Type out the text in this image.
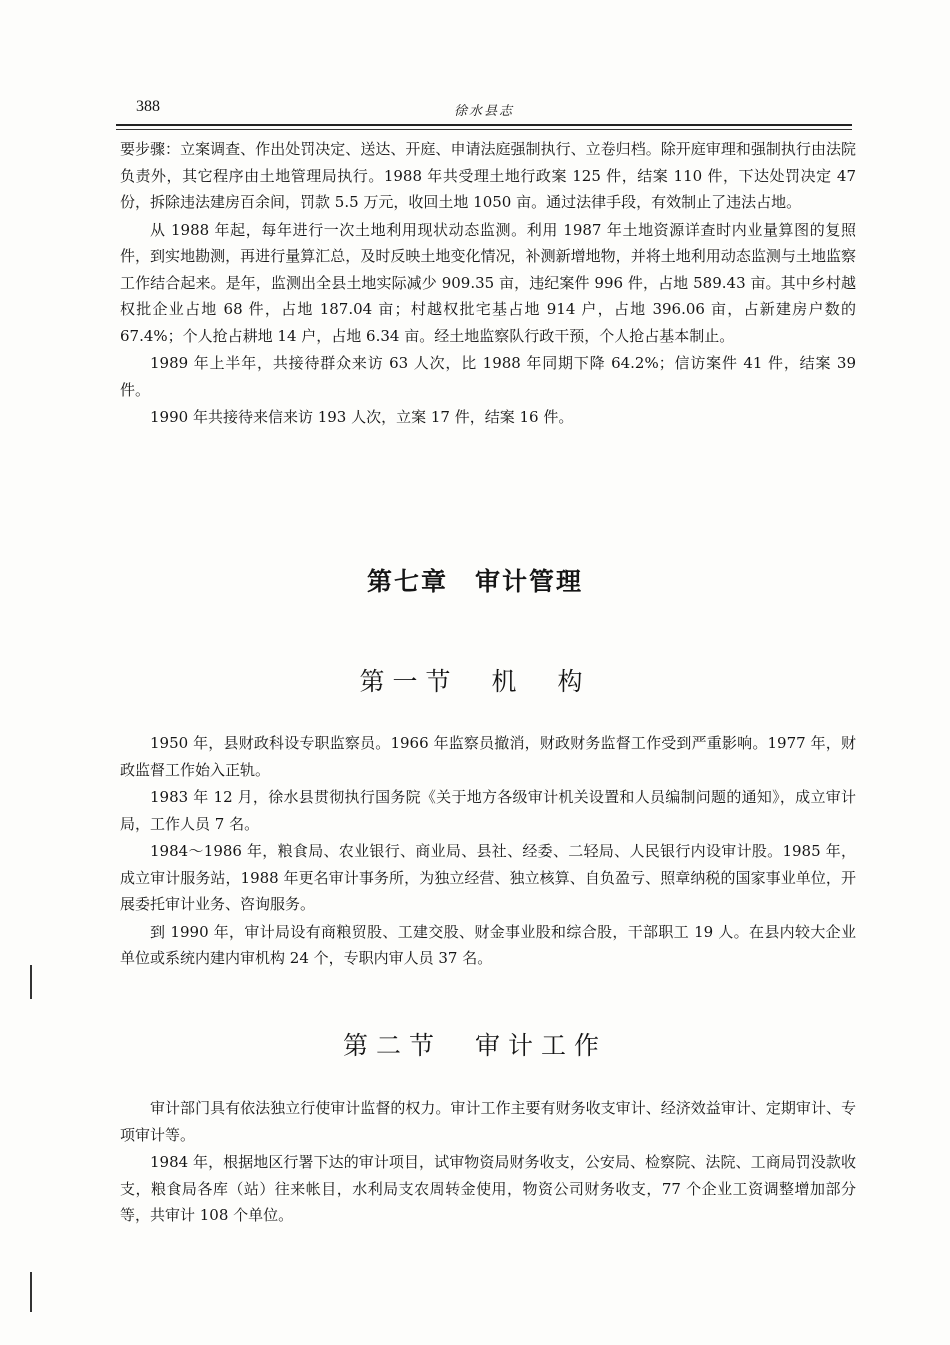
388	徐水县志

要步骤：立案调查、作出处罚决定、送达、开庭、申请法庭强制执行、立卷归档。除开庭审理和强制执行由法院负责外，其它程序由土地管理局执行。1988 年共受理土地行政案 125 件，结案 110 件，下达处罚决定 47 份，拆除违法建房百余间，罚款 5.5 万元，收回土地 1050 亩。通过法律手段，有效制止了违法占地。

从 1988 年起，每年进行一次土地利用现状动态监测。利用 1987 年土地资源详查时内业量算图的复照件，到实地勘测，再进行量算汇总，及时反映土地变化情况，补测新增地物，并将土地利用动态监测与土地监察工作结合起来。是年，监测出全县土地实际减少 909.35 亩，违纪案件 996 件，占地 589.43 亩。其中乡村越权批企业占地 68 件，占地 187.04 亩；村越权批宅基占地 914 户，占地 396.06 亩，占新建房户数的 67.4%；个人抢占耕地 14 户，占地 6.34 亩。经土地监察队行政干预，个人抢占基本制止。

1989 年上半年，共接待群众来访 63 人次，比 1988 年同期下降 64.2%；信访案件 41 件，结案 39 件。

1990 年共接待来信来访 193 人次，立案 17 件，结案 16 件。

第七章　审计管理
第一节　机　构

1950 年，县财政科设专职监察员。1966 年监察员撤消，财政财务监督工作受到严重影响。1977 年，财政监督工作始入正轨。

1983 年 12 月，徐水县贯彻执行国务院《关于地方各级审计机关设置和人员编制问题的通知》，成立审计局，工作人员 7 名。

1984～1986 年，粮食局、农业银行、商业局、县社、经委、二轻局、人民银行内设审计股。1985 年，成立审计服务站，1988 年更名审计事务所，为独立经营、独立核算、自负盈亏、照章纳税的国家事业单位，开展委托审计业务、咨询服务。

到 1990 年，审计局设有商粮贸股、工建交股、财金事业股和综合股，干部职工 19 人。在县内较大企业单位或系统内建内审机构 24 个，专职内审人员 37 名。

第二节　审计工作

审计部门具有依法独立行使审计监督的权力。审计工作主要有财务收支审计、经济效益审计、定期审计、专项审计等。

1984 年，根据地区行署下达的审计项目，试审物资局财务收支，公安局、检察院、法院、工商局罚没款收支，粮食局各库（站）往来帐目，水利局支农周转金使用，物资公司财务收支，77 个企业工资调整增加部分等，共审计 108 个单位。
